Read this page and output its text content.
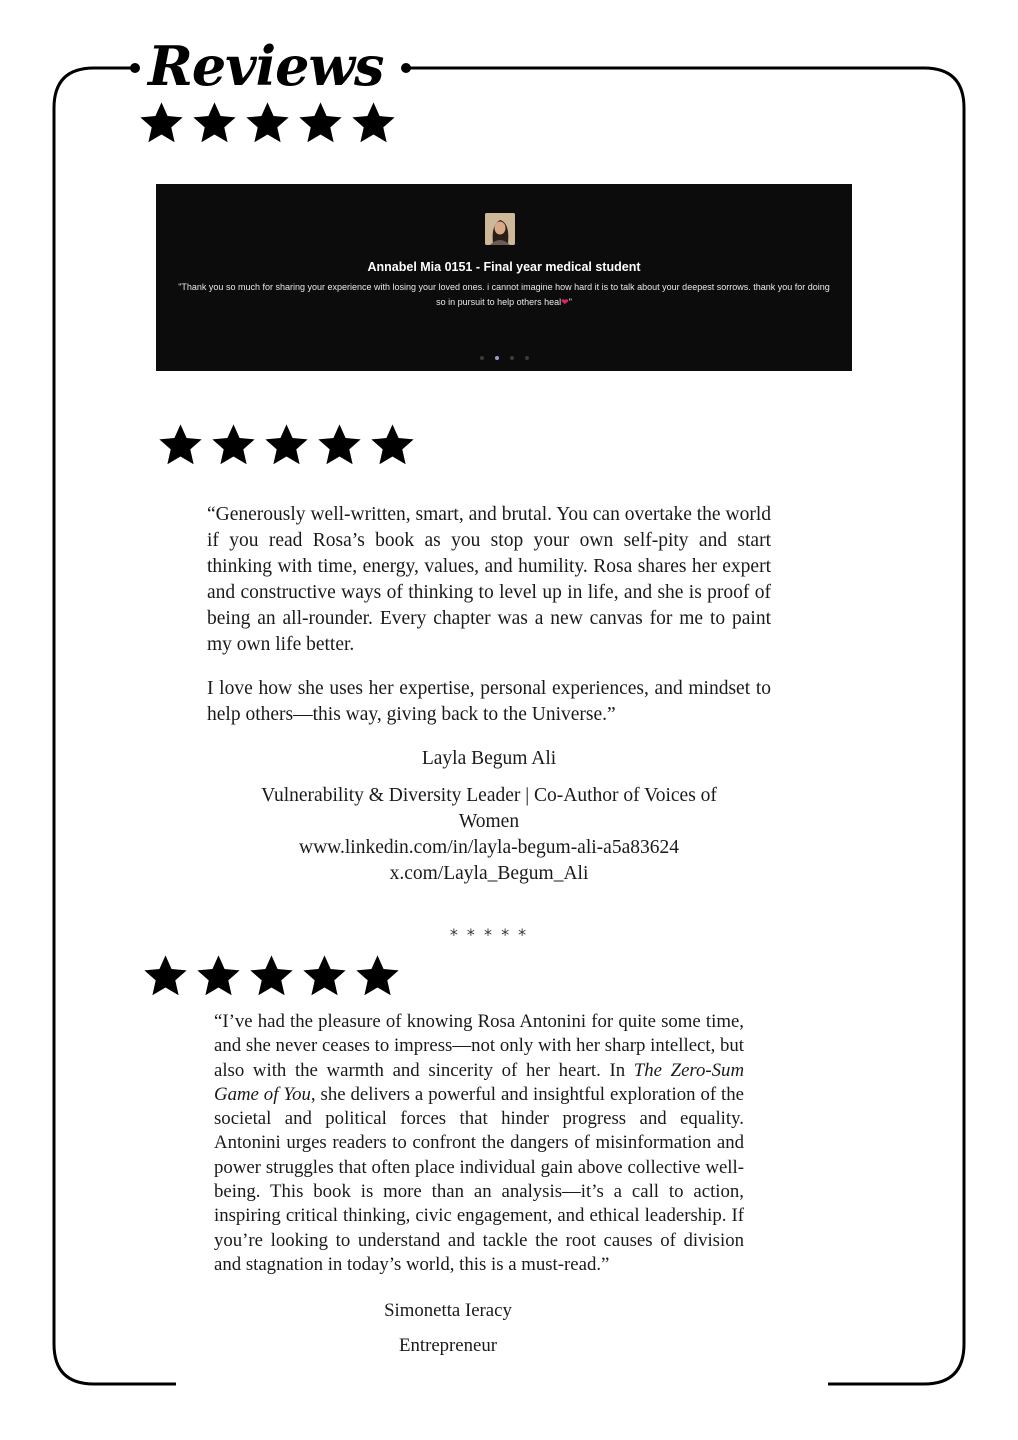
Reviews
Annabel Mia 0151 - Final year medical student
"Thank you so much for sharing your experience with losing your loved ones. i cannot imagine how hard it is to talk about your deepest sorrows. thank you for doing so in pursuit to help others heal❤"

“Generously well-written, smart, and brutal. You can overtake the world if you read Rosa’s book as you stop your own self-pity and start thinking with time, energy, values, and humility. Rosa shares her expert and constructive ways of thinking to level up in life, and she is proof of being an all-rounder. Every chapter was a new canvas for me to paint my own life better.

I love how she uses her expertise, personal experiences, and mindset to help others—this way, giving back to the Universe.”

Layla Begum Ali
Vulnerability & Diversity Leader | Co-Author of Voices of Women
www.linkedin.com/in/layla-begum-ali-a5a83624
x.com/Layla_Begum_Ali
* * * * *

“I’ve had the pleasure of knowing Rosa Antonini for quite some time, and she never ceases to impress—not only with her sharp intellect, but also with the warmth and sincerity of her heart. In The Zero-Sum Game of You, she delivers a powerful and insightful exploration of the societal and political forces that hinder progress and equality. Antonini urges readers to confront the dangers of misinformation and power struggles that often place individual gain above collective well-being. This book is more than an analysis—it’s a call to action, inspiring critical thinking, civic engagement, and ethical leadership. If you’re looking to understand and tackle the root causes of division and stagnation in today’s world, this is a must-read.”

Simonetta Ieracy
Entrepreneur
